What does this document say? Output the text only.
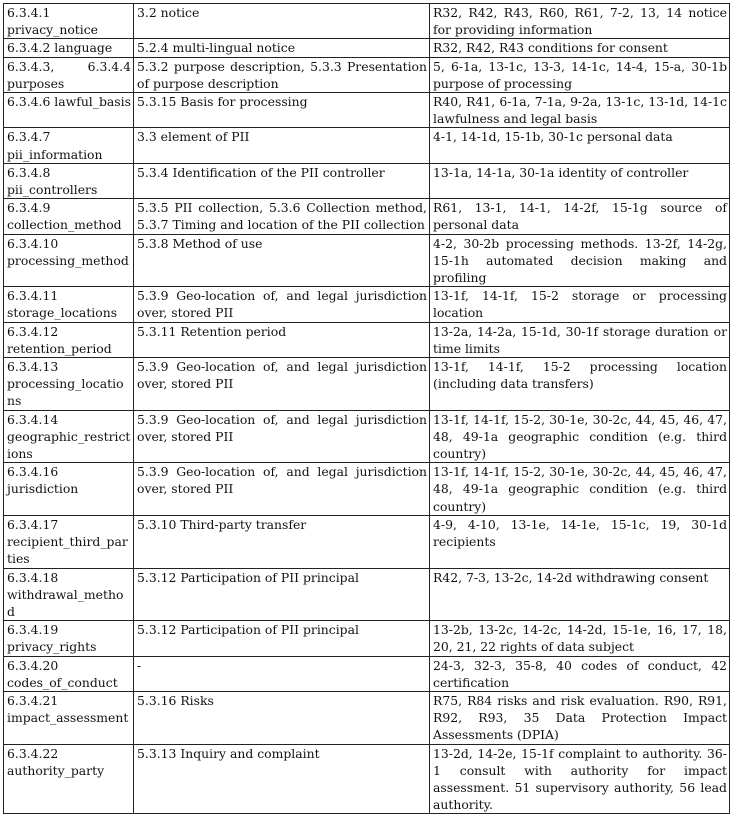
6.3.4.1 privacy_notice	3.2 notice	R32, R42, R43, R60, R61, 7-2, 13, 14 notice for providing information
6.3.4.2 language	5.2.4 multi-lingual notice	R32, R42, R43 conditions for consent
6.3.4.3, 6.3.4.4 purposes	5.3.2 purpose description, 5.3.3 Presentation of purpose description	5, 6-1a, 13-1c, 13-3, 14-1c, 14-4, 15-a, 30-1b purpose of processing
6.3.4.6 lawful_basis	5.3.15 Basis for processing	R40, R41, 6-1a, 7-1a, 9-2a, 13-1c, 13-1d, 14-1c lawfulness and legal basis
6.3.4.7 pii_information	3.3 element of PII	4-1, 14-1d, 15-1b, 30-1c personal data
6.3.4.8 pii_controllers	5.3.4 Identification of the PII controller	13-1a, 14-1a, 30-1a identity of controller
6.3.4.9 collection_method	5.3.5 PII collection, 5.3.6 Collection method, 5.3.7 Timing and location of the PII collection	R61, 13-1, 14-1, 14-2f, 15-1g source of personal data
6.3.4.10 processing_method	5.3.8 Method of use	4-2, 30-2b processing methods. 13-2f, 14-2g, 15-1h automated decision making and profiling
6.3.4.11 storage_locations	5.3.9 Geo-location of, and legal jurisdiction over, stored PII	13-1f, 14-1f, 15-2 storage or processing location
6.3.4.12 retention_period	5.3.11 Retention period	13-2a, 14-2a, 15-1d, 30-1f storage duration or time limits
6.3.4.13 processing_locations	5.3.9 Geo-location of, and legal jurisdiction over, stored PII	13-1f, 14-1f, 15-2 processing location (including data transfers)
6.3.4.14 geographic_restrictions	5.3.9 Geo-location of, and legal jurisdiction over, stored PII	13-1f, 14-1f, 15-2, 30-1e, 30-2c, 44, 45, 46, 47, 48, 49-1a geographic condition (e.g. third country)
6.3.4.16 jurisdiction	5.3.9 Geo-location of, and legal jurisdiction over, stored PII	13-1f, 14-1f, 15-2, 30-1e, 30-2c, 44, 45, 46, 47, 48, 49-1a geographic condition (e.g. third country)
6.3.4.17 recipient_third_parties	5.3.10 Third-party transfer	4-9, 4-10, 13-1e, 14-1e, 15-1c, 19, 30-1d recipients
6.3.4.18 withdrawal_method	5.3.12 Participation of PII principal	R42, 7-3, 13-2c, 14-2d withdrawing consent
6.3.4.19 privacy_rights	5.3.12 Participation of PII principal	13-2b, 13-2c, 14-2c, 14-2d, 15-1e, 16, 17, 18, 20, 21, 22 rights of data subject
6.3.4.20 codes_of_conduct	-	24-3, 32-3, 35-8, 40 codes of conduct, 42 certification
6.3.4.21 impact_assessment	5.3.16 Risks	R75, R84 risks and risk evaluation. R90, R91, R92, R93, 35 Data Protection Impact Assessments (DPIA)
6.3.4.22 authority_party	5.3.13 Inquiry and complaint	13-2d, 14-2e, 15-1f complaint to authority. 36-1 consult with authority for impact assessment. 51 supervisory authority, 56 lead authority.
